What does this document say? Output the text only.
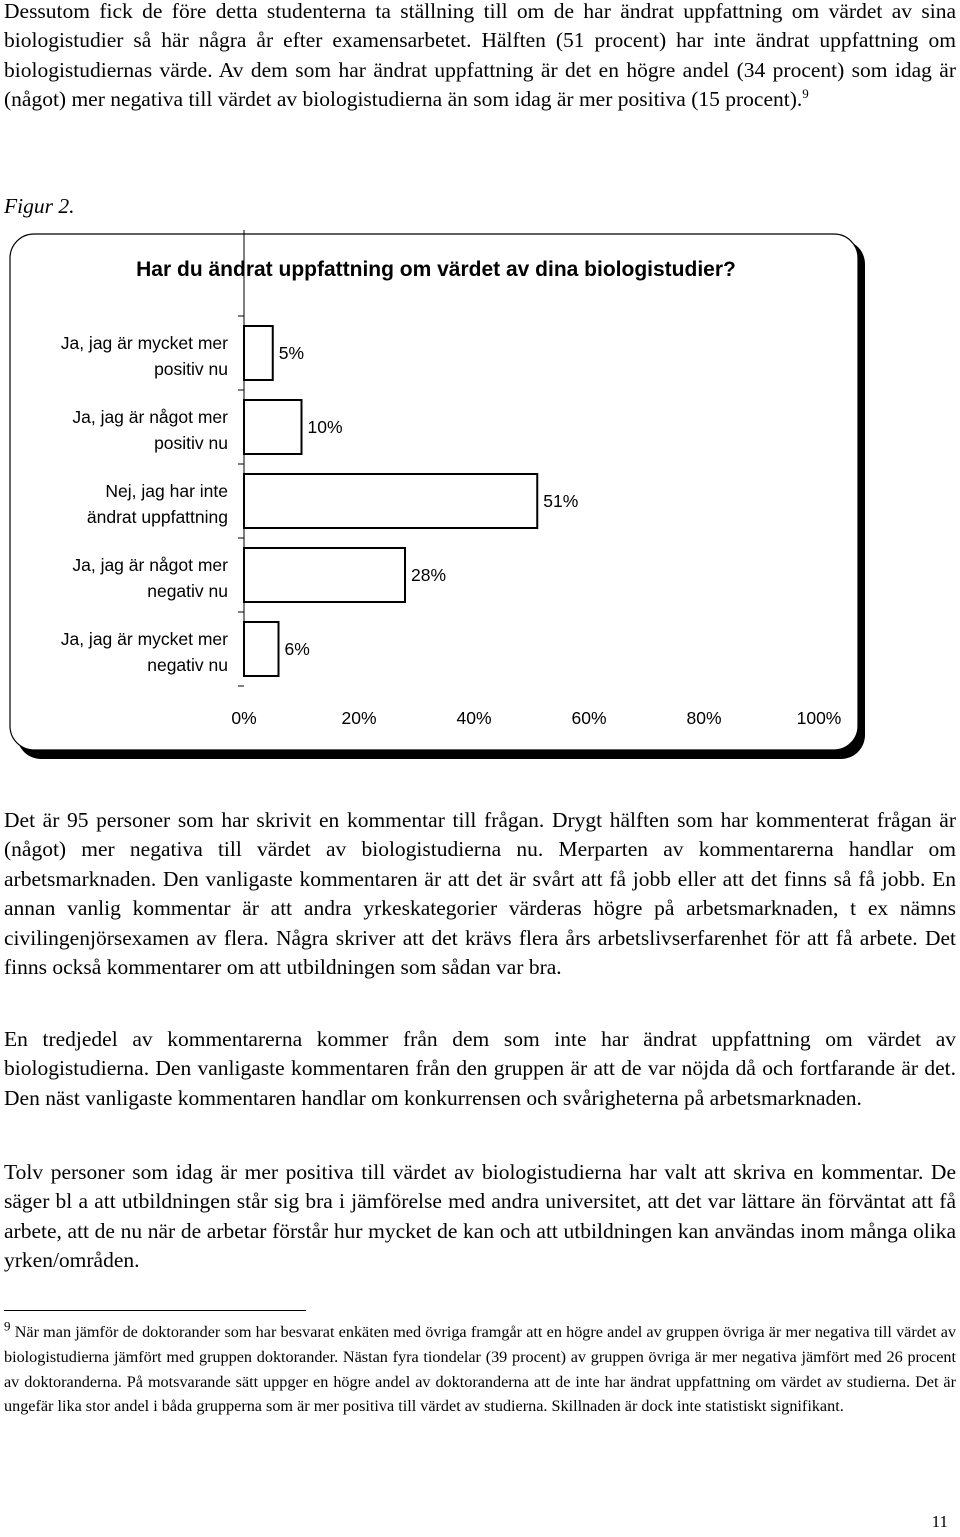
Dessutom fick de före detta studenterna ta ställning till om de har ändrat uppfattning om värdet av sina biologistudier så här några år efter examensarbetet. Hälften (51 procent) har inte ändrat uppfattning om biologistudiernas värde. Av dem som har ändrat uppfattning är det en högre andel (34 procent) som idag är (något) mer negativa till värdet av biologistudierna än som idag är mer positiva (15 procent).$^9$

Figur 2.

Har du ändrat uppfattning om värdet av dina biologistudier?
Ja, jag är mycket mer positiv nu
5%
Ja, jag är något mer positiv nu
10%
Nej, jag har inte ändrat uppfattning
51%
Ja, jag är något mer negativ nu
28%
Ja, jag är mycket mer negativ nu
6%
0%	20%	40%	60%	80%	100%

Det är 95 personer som har skrivit en kommentar till frågan. Drygt hälften som har kommenterat frågan är (något) mer negativa till värdet av biologistudierna nu. Merparten av kommentarerna handlar om arbetsmarknaden. Den vanligaste kommentaren är att det är svårt att få jobb eller att det finns så få jobb. En annan vanlig kommentar är att andra yrkeskategorier värderas högre på arbetsmarknaden, t ex nämns civilingenjörsexamen av flera. Några skriver att det krävs flera års arbetslivserfarenhet för att få arbete. Det finns också kommentarer om att utbildningen som sådan var bra.

En tredjedel av kommentarerna kommer från dem som inte har ändrat uppfattning om värdet av biologistudierna. Den vanligaste kommentaren från den gruppen är att de var nöjda då och fortfarande är det. Den näst vanligaste kommentaren handlar om konkurrensen och svårigheterna på arbetsmarknaden.

Tolv personer som idag är mer positiva till värdet av biologistudierna har valt att skriva en kommentar. De säger bl a att utbildningen står sig bra i jämförelse med andra universitet, att det var lättare än förväntat att få arbete, att de nu när de arbetar förstår hur mycket de kan och att utbildningen kan användas inom många olika yrken/områden.

$^9$ När man jämför de doktorander som har besvarat enkäten med övriga framgår att en högre andel av gruppen övriga är mer negativa till värdet av biologistudierna jämfört med gruppen doktorander. Nästan fyra tiondelar (39 procent) av gruppen övriga är mer negativa jämfört med 26 procent av doktoranderna. På motsvarande sätt uppger en högre andel av doktoranderna att de inte har ändrat uppfattning om värdet av studierna. Det är ungefär lika stor andel i båda grupperna som är mer positiva till värdet av studierna. Skillnaden är dock inte statistiskt signifikant.

11
